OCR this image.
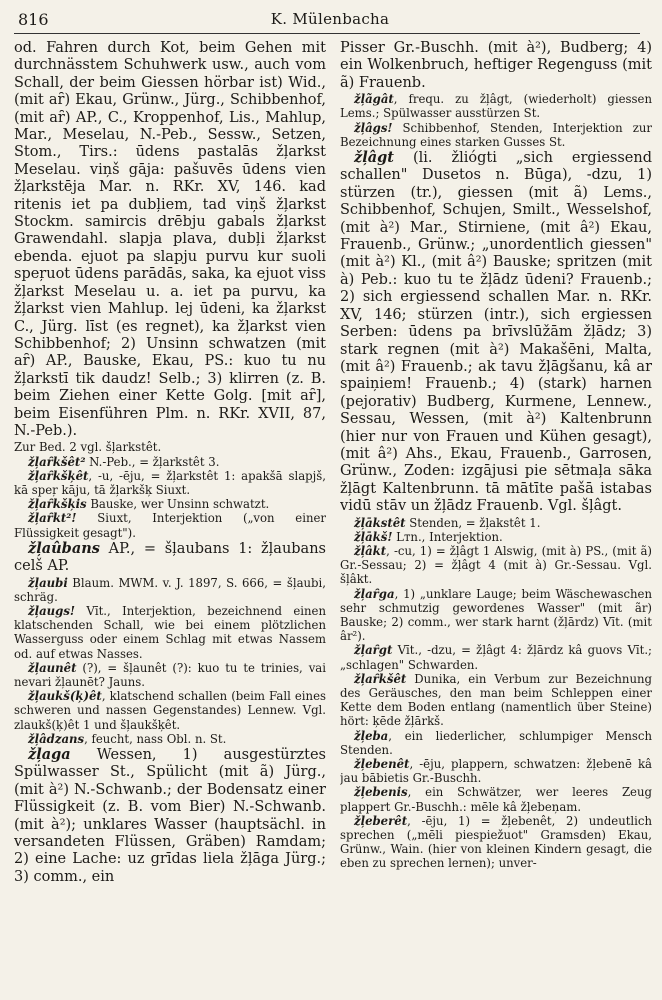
816	K. Mülenbacha

od. Fahren durch Kot, beim Gehen mit durchnässtem Schuhwerk usw., auch vom Schall, der beim Giessen hörbar ist) Wid., (mit aȓ) Ekau, Grünw., Jürg., Schibbenhof, (mit aȓ) AP., C., Kroppenhof, Lis., Mahlup, Mar., Meselau, N.-Peb., Sessw., Setzen, Stom., Tirs.: ūdens pastalās žļarkst Meselau. viņš gāja: pašuvēs ūdens vien žļarkstēja Mar. n. RKr. XV, 146. kad ritenis iet pa dubļiem, tad viņš žļarkst Stockm. samircis drēbju gabals žļarkst Grawendahl. slapja plava, dubļi žļarkst ebenda. ejuot pa slapju purvu kur suoli speŗuot ūdens parādās, saka, ka ejuot viss žļarkst Meselau u. a. iet pa purvu, ka žļarkst vien Mahlup. lej ūdeni, ka žļarkst C., Jürg. līst (es regnet), ka žļarkst vien Schibbenhof; 2) Unsinn schwatzen (mit aȓ) AP., Bauske, Ekau, PS.: kuo tu nu žļarkstī tik daudz! Selb.; 3) klirren (z. B. beim Ziehen einer Kette Golg. [mit aȓ], beim Eisenführen Plm. n. RKr. XVII, 87, N.-Peb.).

Zur Bed. 2 vgl. šļarkstêt.

žļaȓkšêt² N.-Peb., = žļarkstêt 3.

žļaȓkšķêt, -u, -ēju, = žļarkstêt 1: apakšā slapjš, kā speŗ kāju, tā žļarkšķ Siuxt.

žļaȓkšķis Bauske, wer Unsinn schwatzt.

žļaȓkt²! Siuxt, Interjektion („von einer Flüssigkeit gesagt").

žļaûbans AP., = šļaubans 1: žļaubans celš AP.

žļaubi Blaum. MWM. v. J. 1897, S. 666, = šļaubi, schräg.

žļaugs! Vīt., Interjektion, bezeichnend einen klatschenden Schall, wie bei einem plötzlichen Wasserguss oder einem Schlag mit etwas Nassem od. auf etwas Nasses.

žļaunêt (?), = šļaunêt (?): kuo tu te trinies, vai nevari žļaunēt? Jauns.

žļaukš(ķ)êt, klatschend schallen (beim Fall eines schweren und nassen Gegenstandes) Lennew. Vgl. zlaukš(ķ)êt 1 und šļaukšķêt.

žļâdzans, feucht, nass Obl. n. St.

žļaga Wessen, 1) ausgestürztes Spülwasser St., Spülicht (mit ã) Jürg., (mit à²) N.-Schwanb.; der Bodensatz einer Flüssigkeit (z. B. vom Bier) N.-Schwanb. (mit à²); unklares Wasser (hauptsächl. in versandeten Flüssen, Gräben) Ramdam; 2) eine Lache: uz grīdas liela žļāga Jürg.; 3) comm., ein

Pisser Gr.-Buschh. (mit à²), Budberg; 4) ein Wolkenbruch, heftiger Regenguss (mit ã) Frauenb.

žļãgât, frequ. zu žļâgt, (wiederholt) giessen Lems.; Spülwasser ausstürzen St.

žļâgs! Schibbenhof, Stenden, Interjektion zur Bezeichnung eines starken Gusses St.

žļâgt (li. žliógti „sich ergiessend schallen" Dusetos n. Būga), -dzu, 1) stürzen (tr.), giessen (mit ã) Lems., Schibbenhof, Schujen, Smilt., Wesselshof, (mit à²) Mar., Stirniene, (mit â²) Ekau, Frauenb., Grünw.; „unordentlich giessen" (mit à²) Kl., (mit â²) Bauske; spritzen (mit à) Peb.: kuo tu te žļādz ūdeni? Frauenb.; 2) sich ergiessend schallen Mar. n. RKr. XV, 146; stürzen (intr.), sich ergiessen Serben: ūdens pa brīvslūžām žļādz; 3) stark regnen (mit à²) Makašēni, Malta, (mit â²) Frauenb.; ak tavu žļāgšanu, kâ ar spaiņiem! Frauenb.; 4) (stark) harnen (pejorativ) Budberg, Kurmene, Lennew., Sessau, Wessen, (mit à²) Kaltenbrunn (hier nur von Frauen und Kühen gesagt), (mit â²) Ahs., Ekau, Frauenb., Garrosen, Grünw., Zoden: izgājusi pie sētmaļa sāka žļāgt Kaltenbrunn. tā mātīte pašā istabas vidū stāv un žļādz Frauenb. Vgl. šļâgt.

žļākstêt Stenden, = žļakstêt 1.

žļākš! Lтn., Interjektion.

žļâkt, -cu, 1) = žļâgt 1 Alswig, (mit à) PS., (mit ã) Gr.-Sessau; 2) = žļâgt 4 (mit à) Gr.-Sessau. Vgl. šļâkt.

žļaȓga, 1) „unklare Lauge; beim Wäschewaschen sehr schmutzig gewordenes Wasser" (mit ãr) Bauske; 2) comm., wer stark harnt (žļārdz) Vīt. (mit âr²).

žļaȓgt Vīt., -dzu, = žļâgt 4: žļārdz kâ guovs Vīt.; „schlagen" Schwarden.

žļaȓkšêt Dunika, ein Verbum zur Bezeichnung des Geräusches, den man beim Schleppen einer Kette dem Boden entlang (namentlich über Steine) hört: ķēde žļārkš.

žļeba, ein liederlicher, schlumpiger Mensch Stenden.

žļebenêt, -ēju, plappern, schwatzen: žļebenē kâ jau bābietis Gr.-Buschh.

žļebenis, ein Schwätzer, wer leeres Zeug plappert Gr.-Buschh.: mēle kâ žļebeņam.

žļeberêt, -ēju, 1) = žļebenêt, 2) undeutlich sprechen („mēli piespiežuot" Gramsden) Ekau, Grünw., Wain. (hier von kleinen Kindern gesagt, die eben zu sprechen lernen); unver-
